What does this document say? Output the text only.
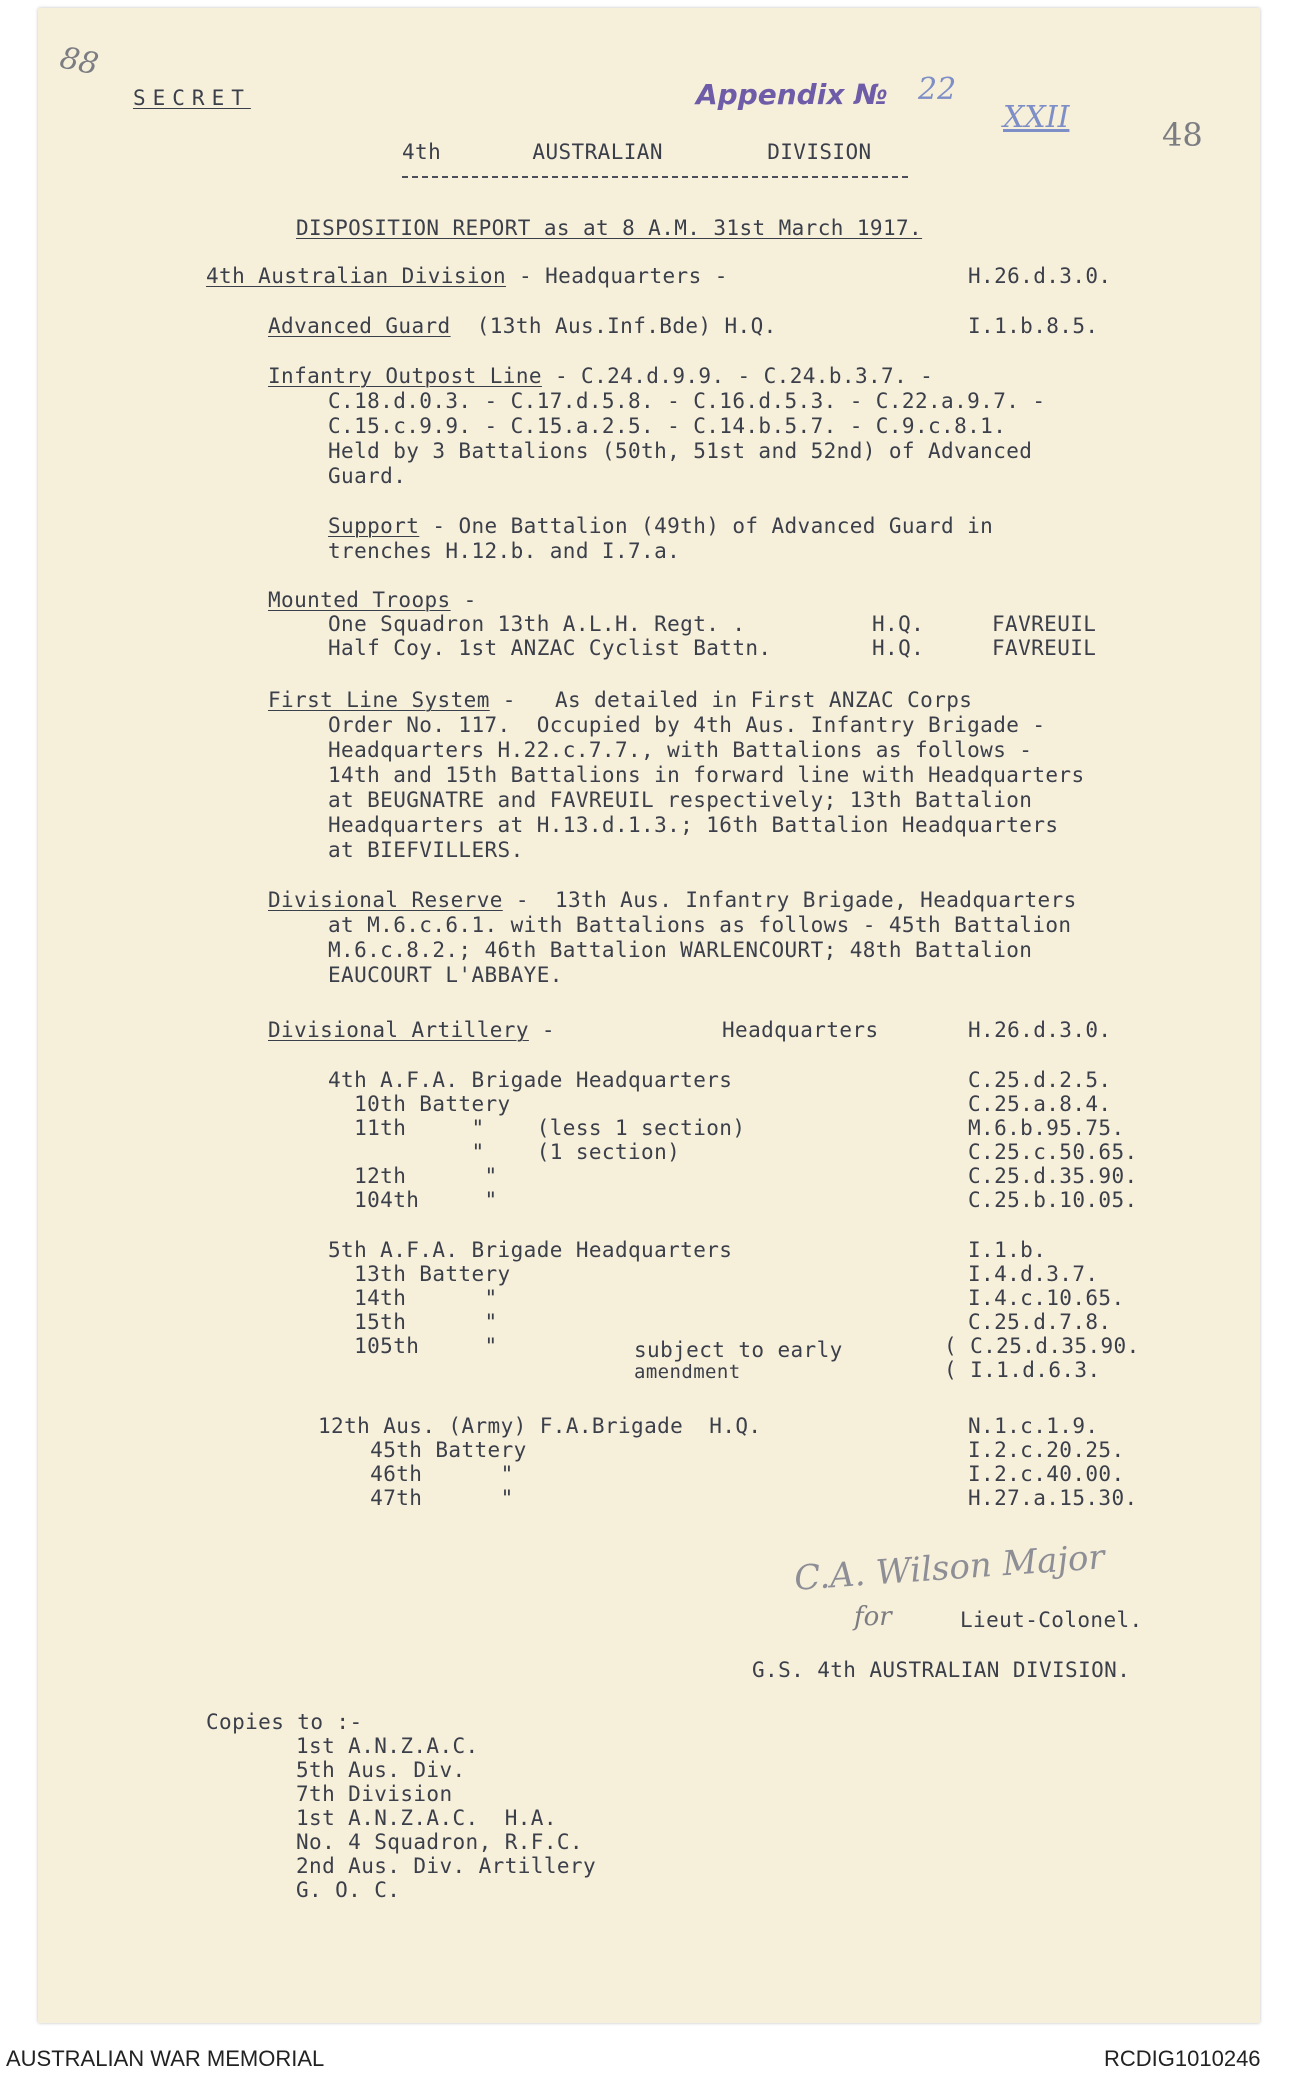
88
Appendix № 22
XXII	48
SECRET
4th       AUSTRALIAN        DIVISION
DISPOSITION REPORT as at 8 A.M. 31st March 1917.
4th Australian Division - Headquarters -	H.26.d.3.0.
Advanced Guard  (13th Aus.Inf.Bde) H.Q.	I.1.b.8.5.
Infantry Outpost Line - C.24.d.9.9. - C.24.b.3.7. -
C.18.d.0.3. - C.17.d.5.8. - C.16.d.5.3. - C.22.a.9.7. -
C.15.c.9.9. - C.15.a.2.5. - C.14.b.5.7. - C.9.c.8.1.
Held by 3 Battalions (50th, 51st and 52nd) of Advanced
Guard.
Support - One Battalion (49th) of Advanced Guard in
trenches H.12.b. and I.7.a.
Mounted Troops -
One Squadron 13th A.L.H. Regt. .	H.Q.	FAVREUIL
Half Coy. 1st ANZAC Cyclist Battn.	H.Q.	FAVREUIL
First Line System -   As detailed in First ANZAC Corps
Order No. 117.  Occupied by 4th Aus. Infantry Brigade -
Headquarters H.22.c.7.7., with Battalions as follows -
14th and 15th Battalions in forward line with Headquarters
at BEUGNATRE and FAVREUIL respectively; 13th Battalion
Headquarters at H.13.d.1.3.; 16th Battalion Headquarters
at BIEFVILLERS.
Divisional Reserve -  13th Aus. Infantry Brigade, Headquarters
at M.6.c.6.1. with Battalions as follows - 45th Battalion
M.6.c.8.2.; 46th Battalion WARLENCOURT; 48th Battalion
EAUCOURT L'ABBAYE.
Divisional Artillery -	Headquarters	H.26.d.3.0.
4th A.F.A. Brigade Headquarters	C.25.d.2.5.
10th Battery	C.25.a.8.4.
11th     "    (less 1 section)	M.6.b.95.75.
"    (1 section)	C.25.c.50.65.
12th      "	C.25.d.35.90.
104th     "	C.25.b.10.05.
5th A.F.A. Brigade Headquarters	I.1.b.
13th Battery	I.4.d.3.7.
14th      "	I.4.c.10.65.
15th      "	C.25.d.7.8.
105th     "	( C.25.d.35.90.
( I.1.d.6.3.
subject to early
amendment
12th Aus. (Army) F.A.Brigade  H.Q.	N.1.c.1.9.
45th Battery	I.2.c.20.25.
46th      "	I.2.c.40.00.
47th      "	H.27.a.15.30.
C.A. Wilson Major
for	Lieut-Colonel.
G.S. 4th AUSTRALIAN DIVISION.
Copies to :-
1st A.N.Z.A.C.
5th Aus. Div.
7th Division
1st A.N.Z.A.C.  H.A.
No. 4 Squadron, R.F.C.
2nd Aus. Div. Artillery
G. O. C.
AUSTRALIAN WAR MEMORIAL	RCDIG1010246
